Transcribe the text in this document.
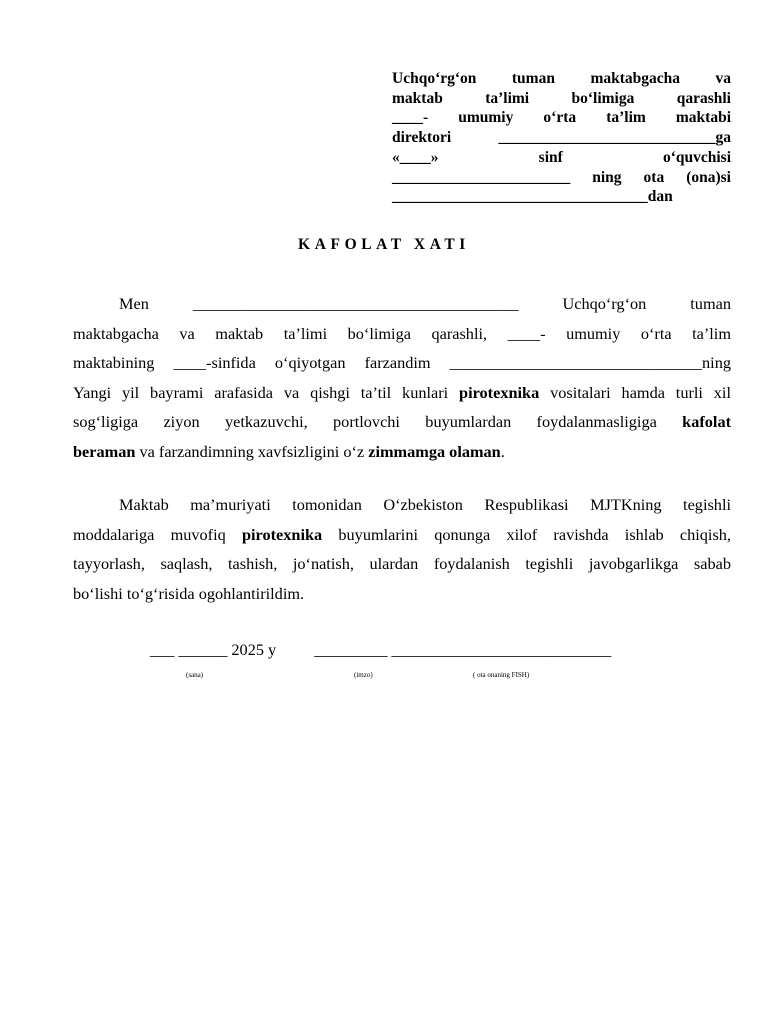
Uchqo‘rg‘on tuman maktabgacha va
maktab ta’limi bo‘limiga qarashli
____- umumiy o‘rta ta’lim maktabi
direktori ____________________________ga
«____» sinf o‘quvchisi
_______________________ ning ota (ona)si
_________________________________dan
KAFOLAT XATI
Men	________________________________________	Uchqo‘rg‘on	tuman
maktabgacha va maktab ta’limi bo‘limiga qarashli, ____- umumiy o‘rta ta’lim
maktabining ____-sinfida o‘qiyotgan farzandim _______________________________ning
Yangi yil bayrami arafasida va qishgi ta’til kunlari pirotexnika vositalari hamda turli xil
sog‘ligiga ziyon yetkazuvchi, portlovchi buyumlardan foydalanmasligiga kafolat
beraman va farzandimning xavfsizligini o‘z zimmamga olaman.
Maktab ma’muriyati tomonidan O‘zbekiston Respublikasi MJTKning tegishli
moddalariga muvofiq pirotexnika buyumlarini qonunga xilof ravishda ishlab chiqish,
tayyorlash, saqlash, tashish, jo‘natish, ulardan foydalanish tegishli javobgarlikga sabab
bo‘lishi to‘g‘risida ogohlantirildim.
___ ______ 2025 y _________ ___________________________
(sana)	(imzo)	( ota onaning FISH)
